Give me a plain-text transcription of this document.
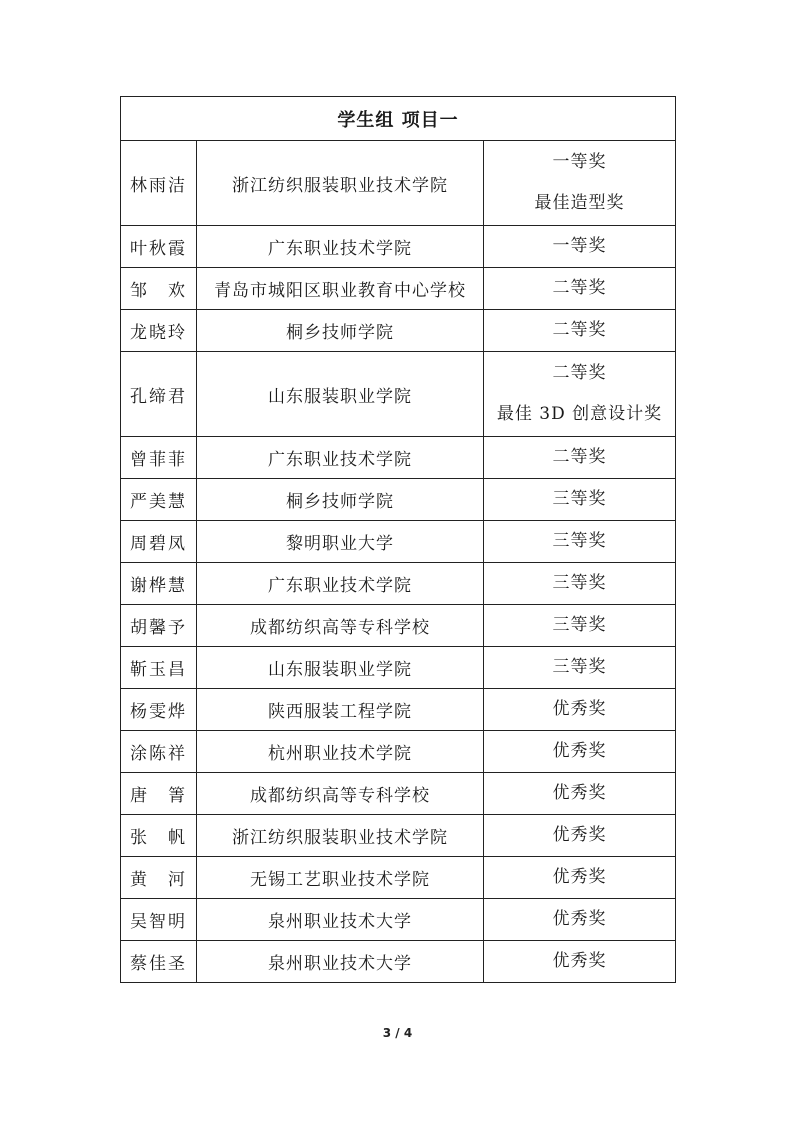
学生组 项目一		
林雨洁	浙江纺织服装职业技术学院	一等奖
最佳造型奖

叶秋霞	广东职业技术学院	一等奖

邹　欢	青岛市城阳区职业教育中心学校	二等奖

龙晓玲	桐乡技师学院	二等奖

孔缔君	山东服装职业学院	二等奖
最佳 3D 创意设计奖

曾菲菲	广东职业技术学院	二等奖

严美慧	桐乡技师学院	三等奖

周碧凤	黎明职业大学	三等奖

谢桦慧	广东职业技术学院	三等奖

胡馨予	成都纺织高等专科学校	三等奖

靳玉昌	山东服装职业学院	三等奖

杨雯烨	陕西服装工程学院	优秀奖

涂陈祥	杭州职业技术学院	优秀奖

唐　箐	成都纺织高等专科学校	优秀奖

张　帆	浙江纺织服装职业技术学院	优秀奖

黄　河	无锡工艺职业技术学院	优秀奖

吴智明	泉州职业技术大学	优秀奖

蔡佳圣	泉州职业技术大学	优秀奖
3 / 4
